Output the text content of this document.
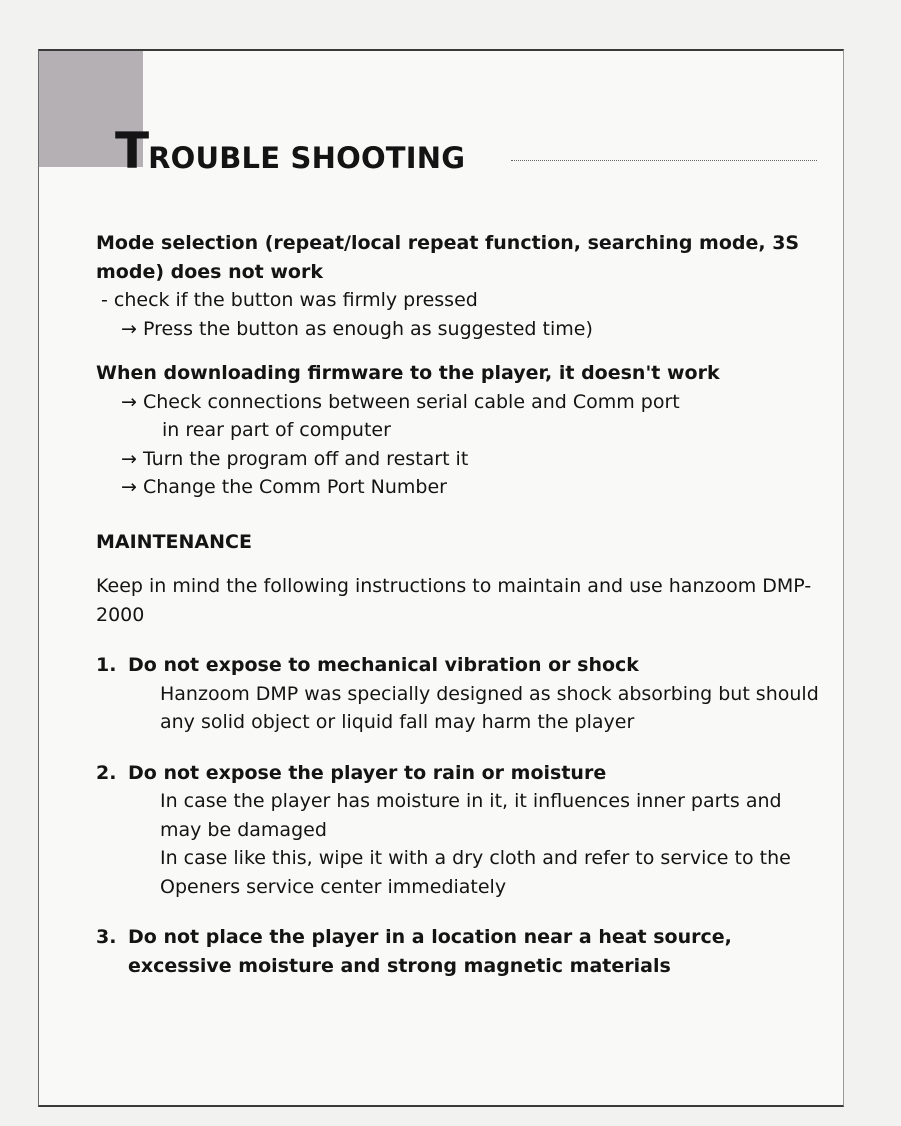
T ROUBLE SHOOTING

Mode selection (repeat/local repeat function, searching mode, 3S mode) does not work

- check if the button was firmly pressed

→ Press the button as enough as suggested time)

When downloading firmware to the player, it doesn't work

→ Check connections between serial cable and Comm port

in rear part of computer

→ Turn the program off and restart it

→ Change the Comm Port Number

MAINTENANCE

Keep in mind the following instructions to maintain and use hanzoom DMP-2000

1. Do not expose to mechanical vibration or shock

Hanzoom DMP was specially designed as shock absorbing but should any solid object or liquid fall may harm the player

2. Do not expose the player to rain or moisture

In case the player has moisture in it, it influences inner parts and may be damaged

In case like this, wipe it with a dry cloth and refer to service to the Openers service center immediately

3. Do not place the player in a location near a heat source, excessive moisture and strong magnetic materials
